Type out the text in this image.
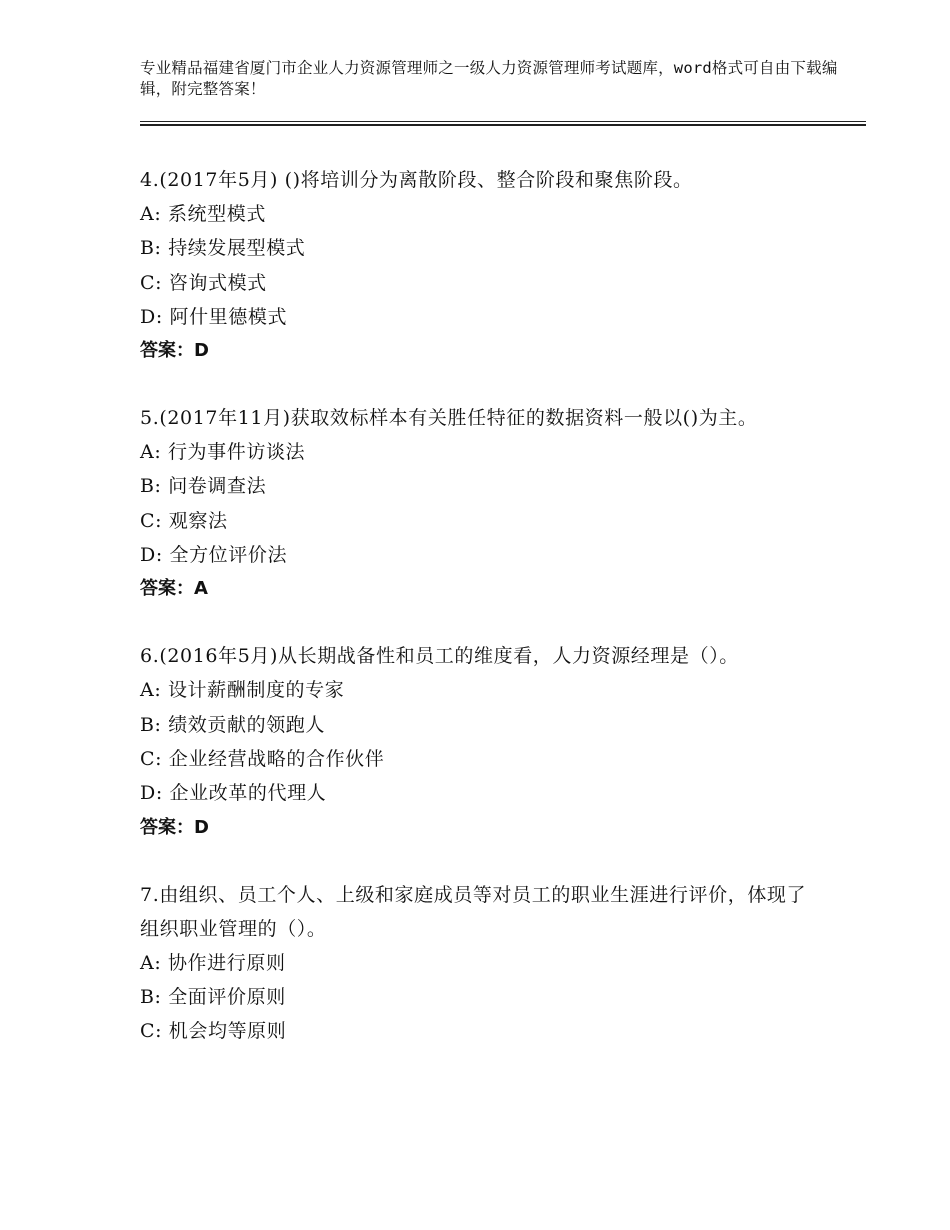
专业精品福建省厦门市企业人力资源管理师之一级人力资源管理师考试题库，word格式可自由下载编辑，附完整答案！
4.(2017年5月) ()将培训分为离散阶段、整合阶段和聚焦阶段。
A: 系统型模式
B: 持续发展型模式
C: 咨询式模式
D: 阿什里德模式
答案：D
5.(2017年11月)获取效标样本有关胜任特征的数据资料一般以()为主。
A: 行为事件访谈法
B: 问卷调查法
C: 观察法
D: 全方位评价法
答案：A
6.(2016年5月)从长期战备性和员工的维度看，人力资源经理是（）。
A: 设计薪酬制度的专家
B: 绩效贡献的领跑人
C: 企业经营战略的合作伙伴
D: 企业改革的代理人
答案：D
7.由组织、员工个人、上级和家庭成员等对员工的职业生涯进行评价，体现了组织职业管理的（）。
A: 协作进行原则
B: 全面评价原则
C: 机会均等原则
